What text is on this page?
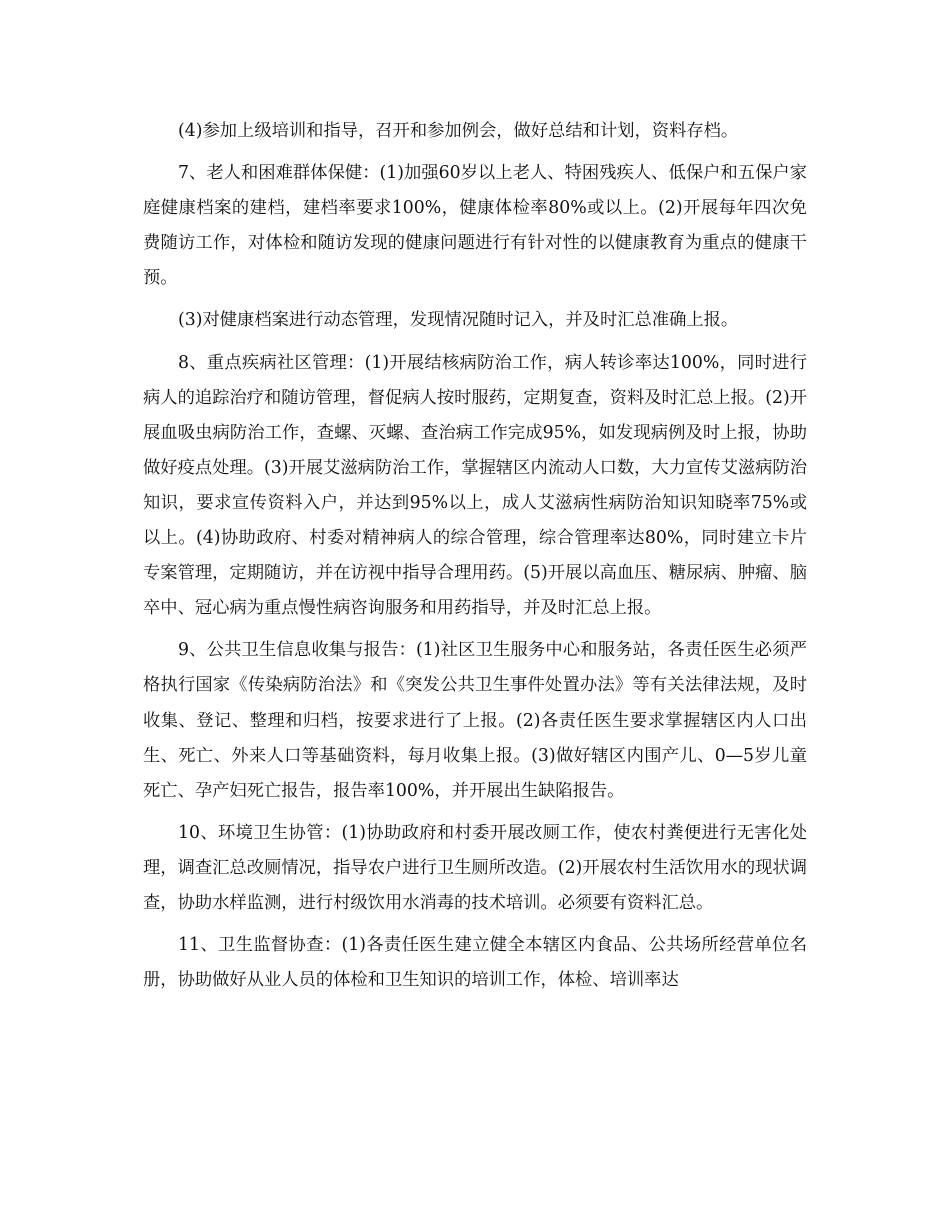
(4)参加上级培训和指导，召开和参加例会，做好总结和计划，资料存档。

7、老人和困难群体保健：(1)加强60岁以上老人、特困残疾人、低保户和五保户家庭健康档案的建档，建档率要求100%，健康体检率80%或以上。(2)开展每年四次免费随访工作，对体检和随访发现的健康问题进行有针对性的以健康教育为重点的健康干预。

(3)对健康档案进行动态管理，发现情况随时记入，并及时汇总准确上报。

8、重点疾病社区管理：(1)开展结核病防治工作，病人转诊率达100%，同时进行病人的追踪治疗和随访管理，督促病人按时服药，定期复查，资料及时汇总上报。(2)开展血吸虫病防治工作，查螺、灭螺、查治病工作完成95%，如发现病例及时上报，协助做好疫点处理。(3)开展艾滋病防治工作，掌握辖区内流动人口数，大力宣传艾滋病防治知识，要求宣传资料入户，并达到95%以上，成人艾滋病性病防治知识知晓率75%或以上。(4)协助政府、村委对精神病人的综合管理，综合管理率达80%，同时建立卡片专案管理，定期随访，并在访视中指导合理用药。(5)开展以高血压、糖尿病、肿瘤、脑卒中、冠心病为重点慢性病咨询服务和用药指导，并及时汇总上报。

9、公共卫生信息收集与报告：(1)社区卫生服务中心和服务站，各责任医生必须严格执行国家《传染病防治法》和《突发公共卫生事件处置办法》等有关法律法规，及时收集、登记、整理和归档，按要求进行了上报。(2)各责任医生要求掌握辖区内人口出生、死亡、外来人口等基础资料，每月收集上报。(3)做好辖区内围产儿、0—5岁儿童死亡、孕产妇死亡报告，报告率100%，并开展出生缺陷报告。

10、环境卫生协管：(1)协助政府和村委开展改厕工作，使农村粪便进行无害化处理，调查汇总改厕情况，指导农户进行卫生厕所改造。(2)开展农村生活饮用水的现状调查，协助水样监测，进行村级饮用水消毒的技术培训。必须要有资料汇总。

11、卫生监督协查：(1)各责任医生建立健全本辖区内食品、公共场所经营单位名册，协助做好从业人员的体检和卫生知识的培训工作，体检、培训率达
